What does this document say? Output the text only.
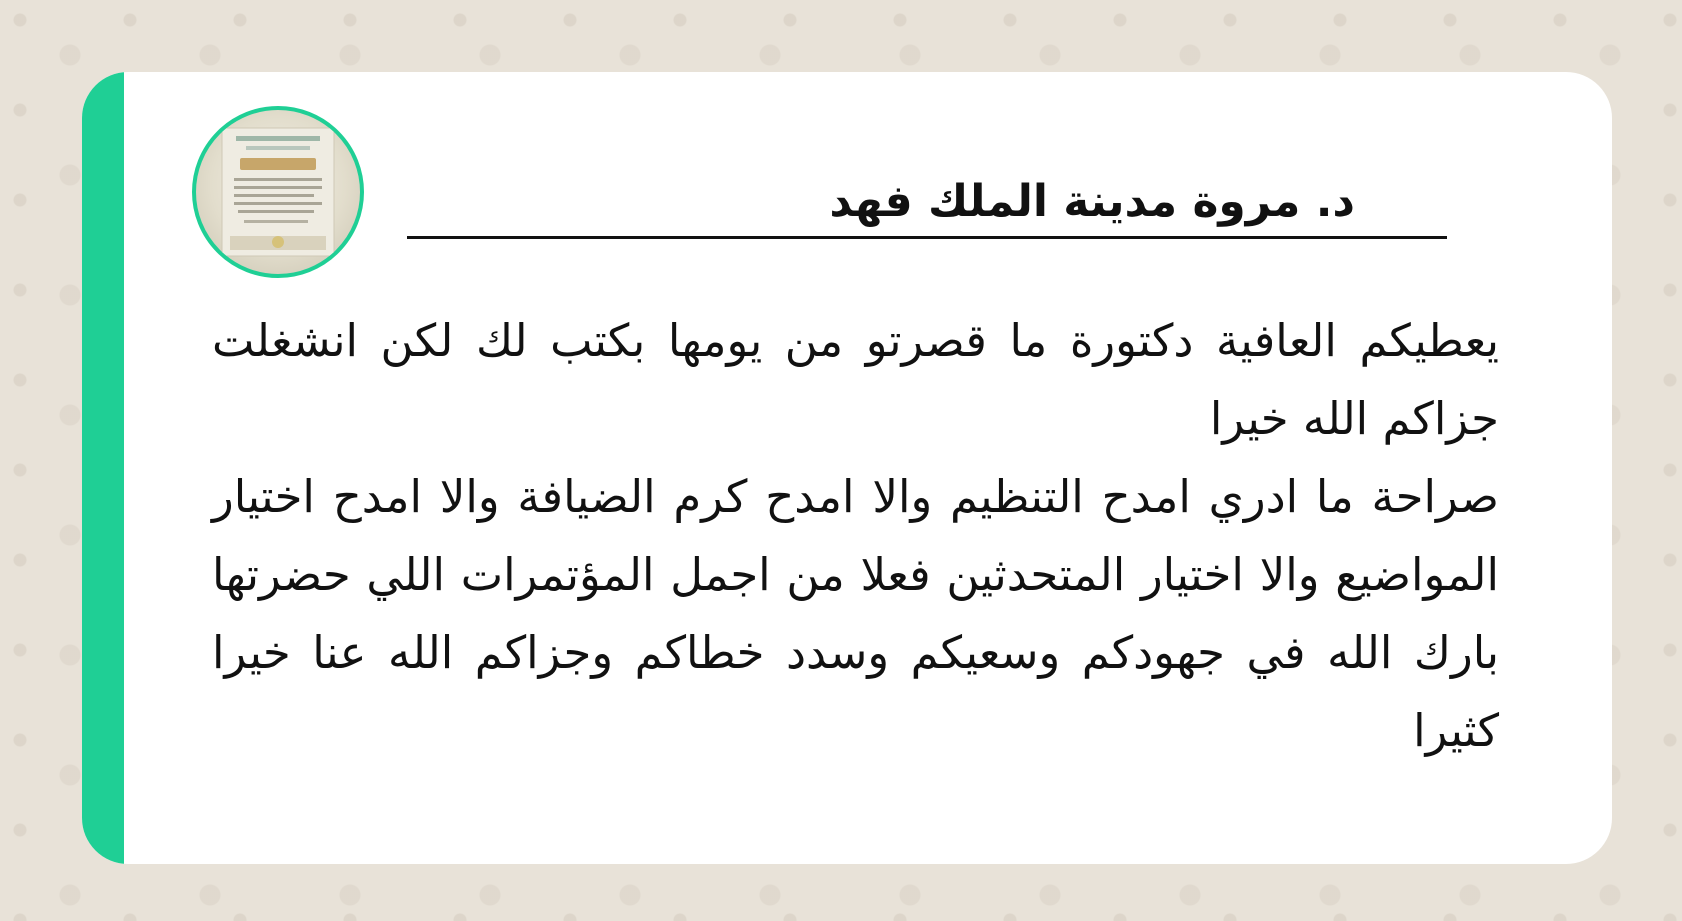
د. مروة مدينة الملك فهد

يعطيكم العافية دكتورة ما قصرتو من يومها بكتب لك لكن انشغلت جزاكم الله خيرا
صراحة ما ادري امدح التنظيم والا امدح كرم الضيافة والا امدح اختيار المواضيع والا اختيار المتحدثين فعلا من اجمل المؤتمرات اللي حضرتها بارك الله في جهودكم وسعيكم وسدد خطاكم وجزاكم الله عنا خيرا كثيرا
